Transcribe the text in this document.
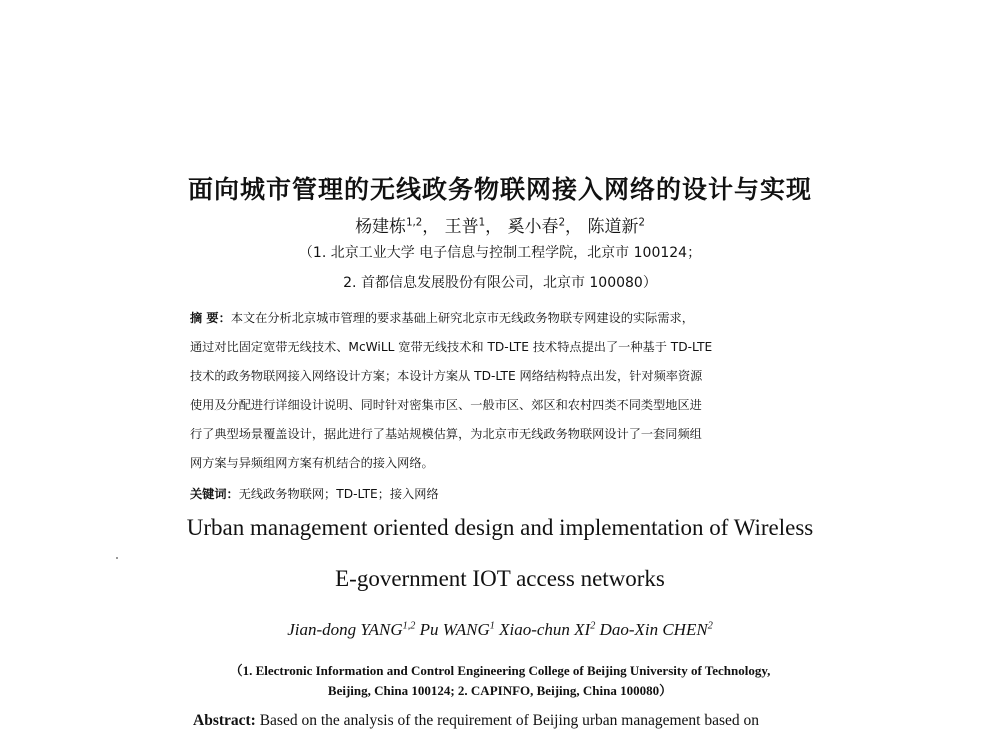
面向城市管理的无线政务物联网接入网络的设计与实现
杨建栋$^{1,2}$， 王普$^1$， 奚小春$^2$， 陈道新$^2$
（1. 北京工业大学 电子信息与控制工程学院，北京市 100124；
2. 首都信息发展股份有限公司，北京市 100080）
摘 要：本文在分析北京城市管理的要求基础上研究北京市无线政务物联专网建设的实际需求，
通过对比固定宽带无线技术、McWiLL 宽带无线技术和 TD-LTE 技术特点提出了一种基于 TD-LTE
技术的政务物联网接入网络设计方案；本设计方案从 TD-LTE 网络结构特点出发，针对频率资源
使用及分配进行详细设计说明、同时针对密集市区、一般市区、郊区和农村四类不同类型地区进
行了典型场景覆盖设计，据此进行了基站规模估算，为北京市无线政务物联网设计了一套同频组
网方案与异频组网方案有机结合的接入网络。
关键词：无线政务物联网；TD-LTE；接入网络
Urban management oriented design and implementation of Wireless
E-government IOT access networks
Jian-dong YANG$^{1,2}$ Pu WANG$^1$ Xiao-chun $XI^2$ Dao-Xin CHEN$^2$
（1. Electronic Information and Control Engineering College of Beijing University of Technology,
Beijing, China 100124; 2. CAPINFO, Beijing, China 100080）
Abstract: Based on the analysis of the requirement of Beijing urban management based on
